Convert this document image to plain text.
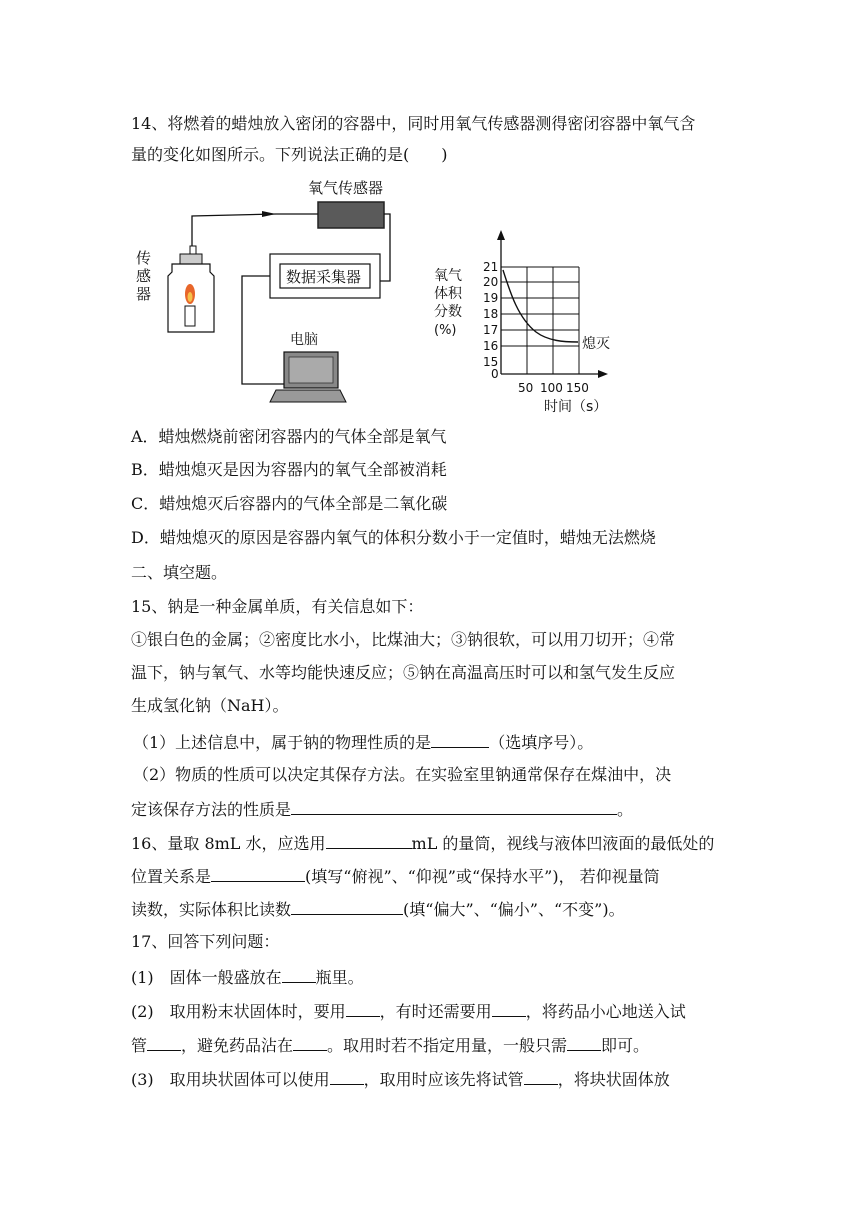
14、将燃着的蜡烛放入密闭的容器中，同时用氧气传感器测得密闭容器中氧气含
量的变化如图所示。下列说法正确的是(　　)
氧气传感器
数据采集器
电脑
传
感
器
氧气
体积
分数
(%)
21
20
19
18
17
16
15
0
50 100 150
熄灭
时间（s）
A．蜡烛燃烧前密闭容器内的气体全部是氧气
B．蜡烛熄灭是因为容器内的氧气全部被消耗
C．蜡烛熄灭后容器内的气体全部是二氧化碳
D．蜡烛熄灭的原因是容器内氧气的体积分数小于一定值时，蜡烛无法燃烧
二、填空题。
15、钠是一种金属单质，有关信息如下：
①银白色的金属；②密度比水小，比煤油大；③钠很软，可以用刀切开；④常
温下，钠与氧气、水等均能快速反应；⑤钠在高温高压时可以和氢气发生反应
生成氢化钠（NaH）。
（1）上述信息中，属于钠的物理性质的是	（选填序号）。
（2）物质的性质可以决定其保存方法。在实验室里钠通常保存在煤油中，决
定该保存方法的性质是	。
16、量取 8mL 水，应选用	mL 的量筒，视线与液体凹液面的最低处的
位置关系是	(填写“俯视”、“仰视”或“保持水平”)， 若仰视量筒
读数，实际体积比读数	(填“偏大”、“偏小”、“不变”)。
17、回答下列问题：
(1)　固体一般盛放在 瓶里。
(2)　取用粉末状固体时，要用 ，有时还需要用 ，将药品小心地送入试
管 ，避免药品沾在 。取用时若不指定用量，一般只需 即可。
(3)　取用块状固体可以使用 ，取用时应该先将试管 ，将块状固体放
